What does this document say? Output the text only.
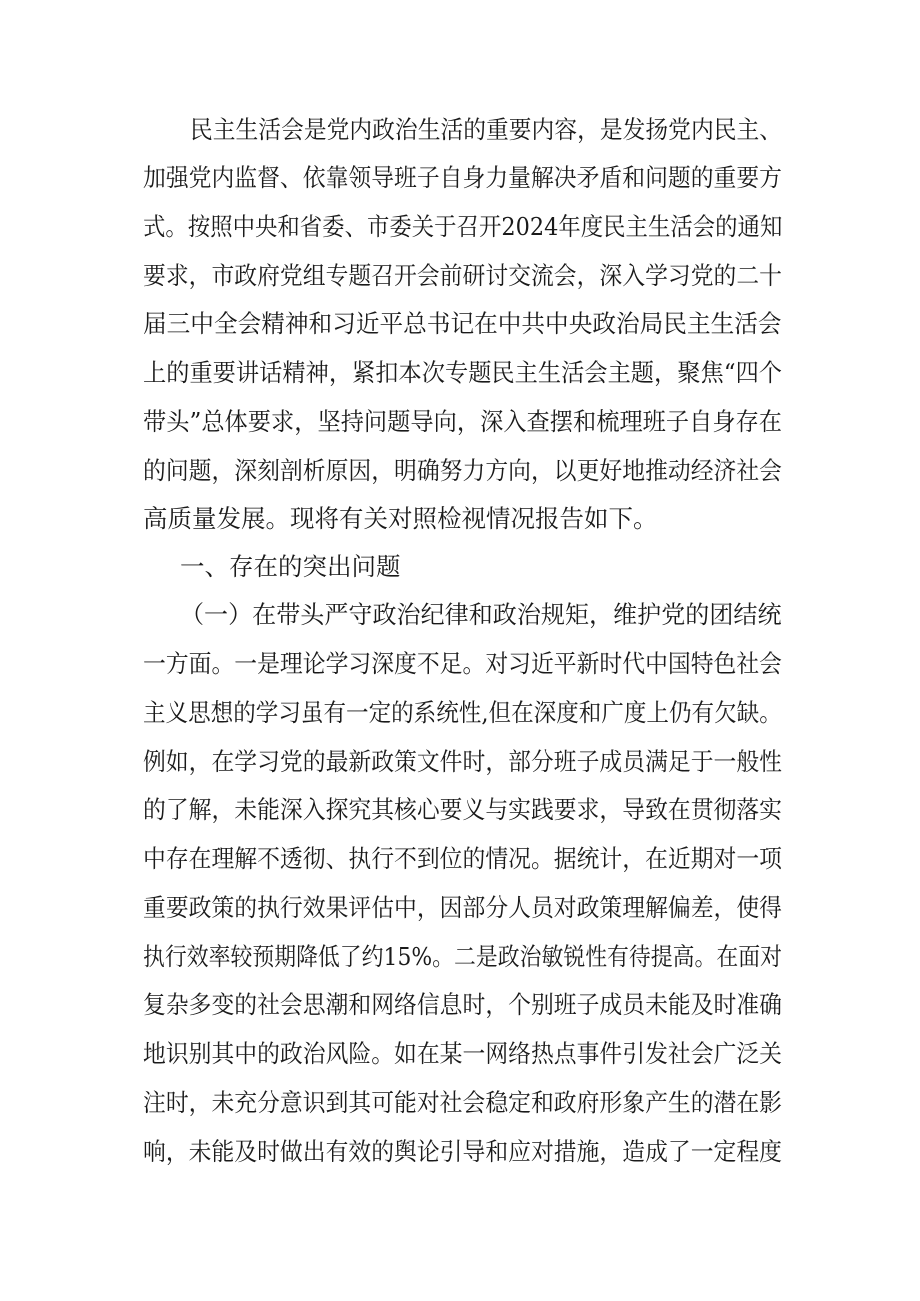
民主生活会是党内政治生活的重要内容，是发扬党内民主、
加强党内监督、依靠领导班子自身力量解决矛盾和问题的重要方
式。按照中央和省委、市委关于召开2024年度民主生活会的通知
要求，市政府党组专题召开会前研讨交流会，深入学习党的二十
届三中全会精神和习近平总书记在中共中央政治局民主生活会
上的重要讲话精神，紧扣本次专题民主生活会主题，聚焦“四个
带头”总体要求，坚持问题导向，深入查摆和梳理班子自身存在
的问题，深刻剖析原因，明确努力方向，以更好地推动经济社会
高质量发展。现将有关对照检视情况报告如下。
一、存在的突出问题
（一）在带头严守政治纪律和政治规矩，维护党的团结统
一方面。一是理论学习深度不足。对习近平新时代中国特色社会
主义思想的学习虽有一定的系统性,但在深度和广度上仍有欠缺。
例如，在学习党的最新政策文件时，部分班子成员满足于一般性
的了解，未能深入探究其核心要义与实践要求，导致在贯彻落实
中存在理解不透彻、执行不到位的情况。据统计，在近期对一项
重要政策的执行效果评估中，因部分人员对政策理解偏差，使得
执行效率较预期降低了约15%。二是政治敏锐性有待提高。在面对
复杂多变的社会思潮和网络信息时，个别班子成员未能及时准确
地识别其中的政治风险。如在某一网络热点事件引发社会广泛关
注时，未充分意识到其可能对社会稳定和政府形象产生的潜在影
响，未能及时做出有效的舆论引导和应对措施，造成了一定程度
